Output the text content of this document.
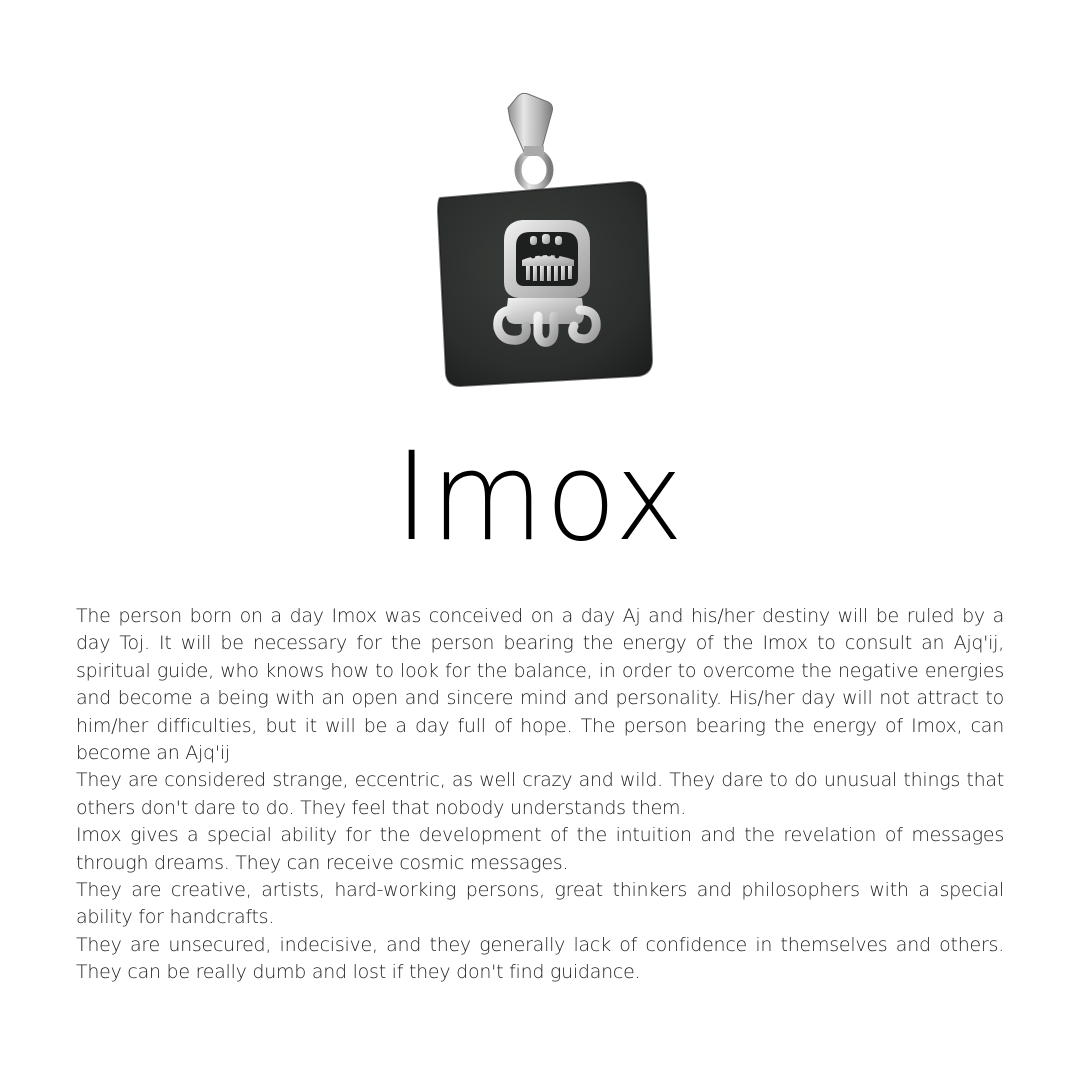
Imox

The person born on a day Imox was conceived on a day Aj and his/her destiny will be ruled by a day Toj. It will be necessary for the person bearing the energy of the Imox to consult an Ajq'ij, spiritual guide, who knows how to look for the balance, in order to overcome the negative energies and become a being with an open and sincere mind and personality. His/her day will not attract to him/her difficulties, but it will be a day full of hope. The person bearing the energy of Imox, can become an Ajq'ij

They are considered strange, eccentric, as well crazy and wild. They dare to do unusual things that others don't dare to do. They feel that nobody understands them.

Imox gives a special ability for the development of the intuition and the revelation of messages through dreams. They can receive cosmic messages.

They are creative, artists, hard-working persons, great thinkers and philosophers with a special ability for handcrafts.

They are unsecured, indecisive, and they generally lack of confidence in themselves and others. They can be really dumb and lost if they don't find guidance.
